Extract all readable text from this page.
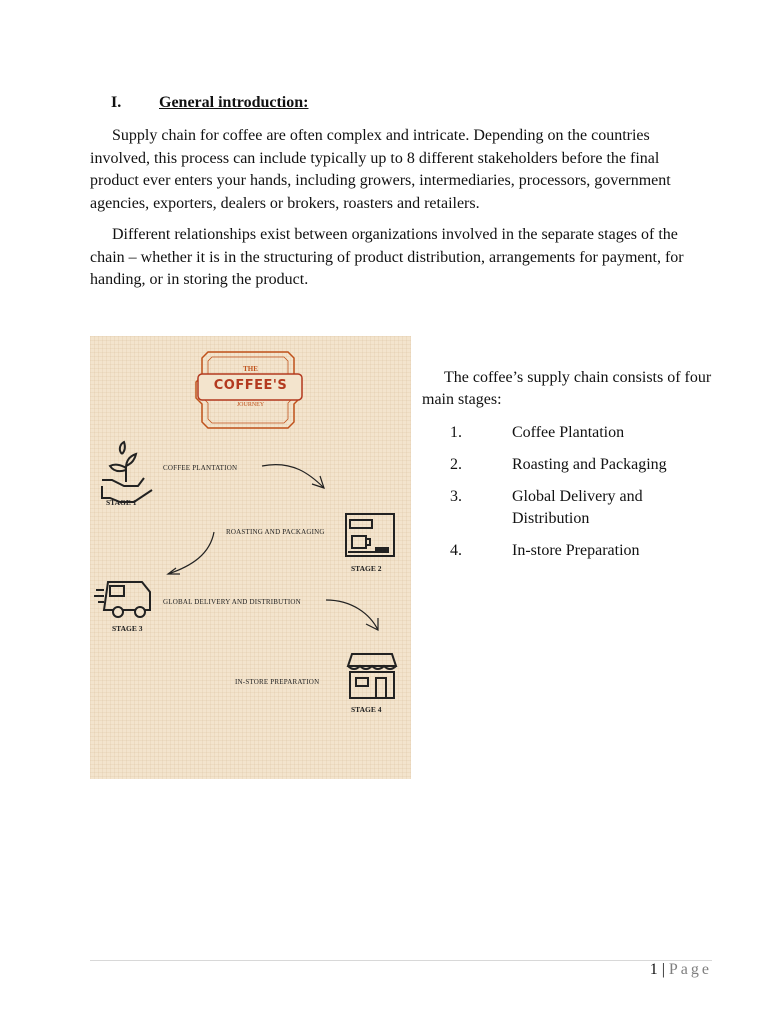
I.	General introduction:

Supply chain for coffee are often complex and intricate. Depending on the countries involved, this process can include typically up to 8 different stakeholders before the final product ever enters your hands, including growers, intermediaries, processors, government agencies, exporters, dealers or brokers, roasters and retailers.

Different relationships exist between organizations involved in the separate stages of the chain – whether it is in the structuring of product distribution, arrangements for payment, for handing, or in storing the product.

THE
COFFEE'S
JOURNEY
COFFEE PLANTATION
STAGE 1
ROASTING AND PACKAGING
STAGE 2
GLOBAL DELIVERY AND DISTRIBUTION
STAGE 3
IN-STORE PREPARATION
STAGE 4

The coffee’s supply chain consists of four main stages:

1.	Coffee Plantation
2.	Roasting and Packaging
3.	Global Delivery and Distribution
4.	In-store Preparation
1 | Page
